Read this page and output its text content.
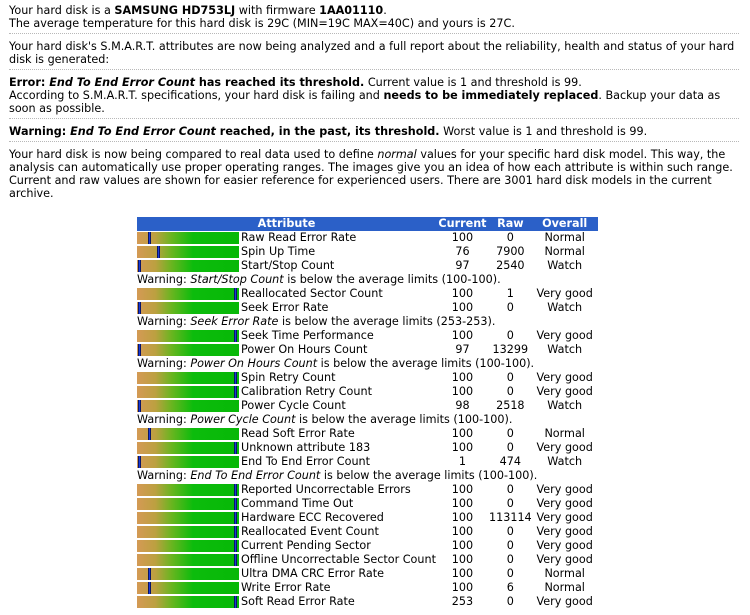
Your hard disk is a SAMSUNG HD753LJ with firmware 1AA01110.

The average temperature for this hard disk is 29C (MIN=19C MAX=40C) and yours is 27C.

Your hard disk's S.M.A.R.T. attributes are now being analyzed and a full report about the reliability, health and status of your hard disk is generated:

Error: End To End Error Count has reached its threshold. Current value is 1 and threshold is 99.

According to S.M.A.R.T. specifications, your hard disk is failing and needs to be immediately replaced. Backup your data as soon as possible.

Warning: End To End Error Count reached, in the past, its threshold. Worst value is 1 and threshold is 99.

Your hard disk is now being compared to real data used to define normal values for your specific hard disk model. This way, the analysis can automatically use proper operating ranges. The images give you an idea of how each attribute is within such range. Current and raw values are shown for easier reference for experienced users. There are 3001 hard disk models in the current archive.

Attribute		Current	Raw	Overall

	Raw Read Error Rate	100	0	Normal

	Spin Up Time	76	7900	Normal

	Start/Stop Count	97	2540	Watch
Warning: Start/Stop Count is below the average limits (100-100).				

	Reallocated Sector Count	100	1	Very good

	Seek Error Rate	100	0	Watch
Warning: Seek Error Rate is below the average limits (253-253).				

	Seek Time Performance	100	0	Very good

	Power On Hours Count	97	13299	Watch
Warning: Power On Hours Count is below the average limits (100-100).				

	Spin Retry Count	100	0	Very good

	Calibration Retry Count	100	0	Very good

	Power Cycle Count	98	2518	Watch
Warning: Power Cycle Count is below the average limits (100-100).				

	Read Soft Error Rate	100	0	Normal

	Unknown attribute 183	100	0	Very good

	End To End Error Count	1	474	Watch
Warning: End To End Error Count is below the average limits (100-100).				

	Reported Uncorrectable Errors	100	0	Very good

	Command Time Out	100	0	Very good

	Hardware ECC Recovered	100	113114	Very good

	Reallocated Event Count	100	0	Very good

	Current Pending Sector	100	0	Very good

	Offline Uncorrectable Sector Count	100	0	Very good

	Ultra DMA CRC Error Rate	100	0	Normal

	Write Error Rate	100	6	Normal

	Soft Read Error Rate	253	0	Very good
